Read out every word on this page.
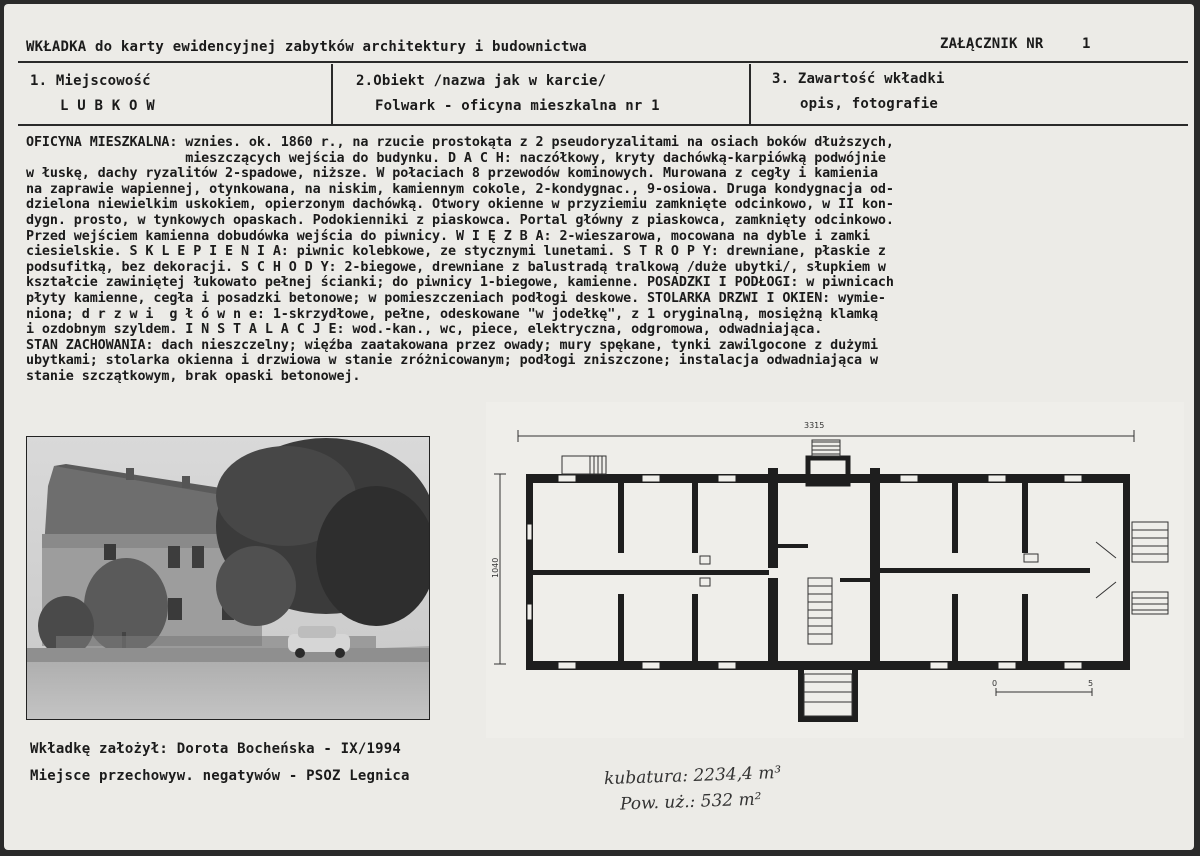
WKŁADKA do karty ewidencyjnej zabytków architektury i budownictwa	ZAŁĄCZNIK NR	1
1. Miejscowość
L U B K O W
2.Obiekt /nazwa jak w karcie/
Folwark - oficyna mieszkalna nr 1
3. Zawartość wkładki
opis, fotografie
OFICYNA MIESZKALNA: wznies. ok. 1860 r., na rzucie prostokąta z 2 pseudoryzalitami na osiach boków dłuższych,
mieszczących wejścia do budynku. D A C H: naczółkowy, kryty dachówką-karpiówką podwójnie
w łuskę, dachy ryzalitów 2-spadowe, niższe. W połaciach 8 przewodów kominowych. Murowana z cegły i kamienia
na zaprawie wapiennej, otynkowana, na niskim, kamiennym cokole, 2-kondygnac., 9-osiowa. Druga kondygnacja od-
dzielona niewielkim uskokiem, opierzonym dachówką. Otwory okienne w przyziemiu zamknięte odcinkowo, w II kon-
dygn. prosto, w tynkowych opaskach. Podokienniki z piaskowca. Portal główny z piaskowca, zamknięty odcinkowo.
Przed wejściem kamienna dobudówka wejścia do piwnicy. W I Ę Z B A: 2-wieszarowa, mocowana na dyble i zamki
ciesielskie. S K L E P I E N I A: piwnic kolebkowe, ze stycznymi lunetami. S T R O P Y: drewniane, płaskie z
podsufitką, bez dekoracji. S C H O D Y: 2-biegowe, drewniane z balustradą tralkową /duże ubytki/, słupkiem w
kształcie zawiniętej łukowato pełnej ścianki; do piwnicy 1-biegowe, kamienne. POSADZKI I PODŁOGI: w piwnicach
płyty kamienne, cegła i posadzki betonowe; w pomieszczeniach podłogi deskowe. STOLARKA DRZWI I OKIEN: wymie-
niona; d r z w i  g ł ó w n e: 1-skrzydłowe, pełne, odeskowane "w jodełkę", z 1 oryginalną, mosiężną klamką
i ozdobnym szyldem. I N S T A L A C J E: wod.-kan., wc, piece, elektryczna, odgromowa, odwadniająca.
STAN ZACHOWANIA: dach nieszczelny; więźba zaatakowana przez owady; mury spękane, tynki zawilgocone z dużymi
ubytkami; stolarka okienna i drzwiowa w stanie zróżnicowanym; podłogi zniszczone; instalacja odwadniająca w
stanie szczątkowym, brak opaski betonowej.
3315
1040
0	5
Wkładkę założył: Dorota Bocheńska - IX/1994
Miejsce przechowyw. negatywów - PSOZ Legnica	kubatura: 2234,4 m³
Pow. uż.: 532 m²
